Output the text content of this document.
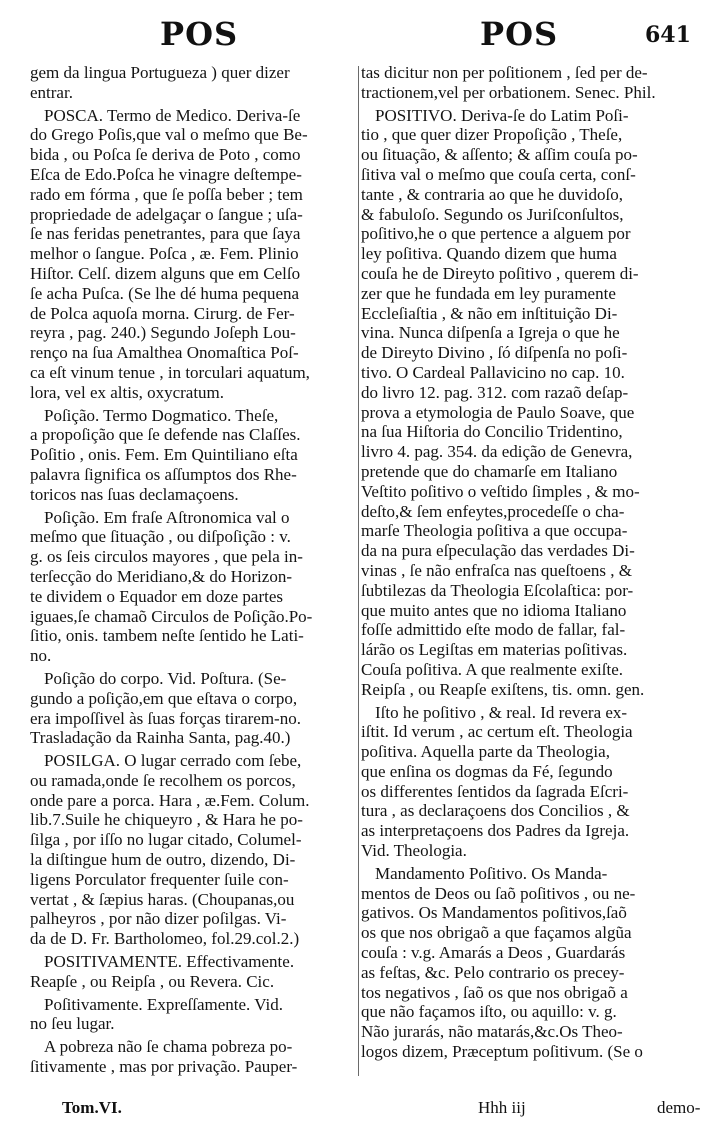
POS	POS	641
gem da lingua Portugueza ) quer dizer
entrar.
POSCA. Termo de Medico. Deriva-ſe
do Grego Poſis,que val o meſmo que Be-
bida , ou Poſca ſe deriva de Poto , como
Eſca de Edo.Poſca he vinagre deſtempe-
rado em fórma , que ſe poſſa beber ; tem
propriedade de adelgaçar o ſangue ; uſa-
ſe nas feridas penetrantes, para que ſaya
melhor o ſangue. Poſca , æ. Fem. Plinio
Hiſtor. Celſ. dizem alguns que em Celſo
ſe acha Puſca. (Se lhe dé huma pequena
de Polca aquoſa morna. Cirurg. de Fer-
reyra , pag. 240.) Segundo Joſeph Lou-
renço na ſua Amalthea Onomaſtica Poſ-
ca eſt vinum tenue , in torculari aquatum,
lora, vel ex altis, oxycratum.
Poſição. Termo Dogmatico. Theſe,
a propoſição que ſe defende nas Claſſes.
Poſitio , onis. Fem. Em Quintiliano eſta
palavra ſignifica os aſſumptos dos Rhe-
toricos nas ſuas declamaçoens.
Poſição. Em fraſe Aſtronomica val o
meſmo que ſituação , ou diſpoſição : v.
g. os ſeis circulos mayores , que pela in-
terſecção do Meridiano,& do Horizon-
te dividem o Equador em doze partes
iguaes,ſe chamaõ Circulos de Poſição.Po-
ſitio, onis. tambem neſte ſentido he Lati-
no.
Poſição do corpo. Vid. Poſtura. (Se-
gundo a poſição,em que eſtava o corpo,
era impoſſivel às ſuas forças tirarem-no.
Trasladação da Rainha Santa, pag.40.)
POSILGA. O lugar cerrado com ſebe,
ou ramada,onde ſe recolhem os porcos,
onde pare a porca. Hara , æ.Fem. Colum.
lib.7.Suile he chiqueyro , & Hara he po-
ſilga , por iſſo no lugar citado, Columel-
la diſtingue hum de outro, dizendo, Di-
ligens Porculator frequenter ſuile con-
vertat , & ſæpius haras. (Choupanas,ou
palheyros , por não dizer poſilgas. Vi-
da de D. Fr. Bartholomeo, fol.29.col.2.)
POSITIVAMENTE. Effectivamente.
Reapſe , ou Reipſa , ou Revera. Cic.
Poſitivamente. Expreſſamente. Vid.
no ſeu lugar.
A pobreza não ſe chama pobreza po-
ſitivamente , mas por privação. Pauper-
tas dicitur non per poſitionem , ſed per de-
tractionem,vel per orbationem. Senec. Phil.
POSITIVO. Deriva-ſe do Latim Poſi-
tio , que quer dizer Propoſição , Theſe,
ou ſituação, & aſſento; & aſſim couſa po-
ſitiva val o meſmo que couſa certa, conſ-
tante , & contraria ao que he duvidoſo,
& fabuloſo. Segundo os Juriſconſultos,
poſitivo,he o que pertence a alguem por
ley poſitiva. Quando dizem que huma
couſa he de Direyto poſitivo , querem di-
zer que he fundada em ley puramente
Eccleſiaſtia , & não em inſtituição Di-
vina. Nunca diſpenſa a Igreja o que he
de Direyto Divino , ſó diſpenſa no poſi-
tivo. O Cardeal Pallavicino no cap. 10.
do livro 12. pag. 312. com razaõ deſap-
prova a etymologia de Paulo Soave, que
na ſua Hiſtoria do Concilio Tridentino,
livro 4. pag. 354. da edição de Genevra,
pretende que do chamarſe em Italiano
Veſtito poſitivo o veſtido ſimples , & mo-
deſto,& ſem enfeytes,procedeſſe o cha-
marſe Theologia poſitiva a que occupa-
da na pura eſpeculação das verdades Di-
vinas , ſe não enfraſca nas queſtoens , &
ſubtilezas da Theologia Eſcolaſtica: por-
que muito antes que no idioma Italiano
foſſe admittido eſte modo de fallar, fal-
lárão os Legiſtas em materias poſitivas.
Couſa poſitiva. A que realmente exiſte.
Reipſa , ou Reapſe exiſtens, tis. omn. gen.
Iſto he poſitivo , & real. Id revera ex-
iſtit. Id verum , ac certum eſt. Theologia
poſitiva. Aquella parte da Theologia,
que enſina os dogmas da Fé, ſegundo
os differentes ſentidos da ſagrada Eſcri-
tura , as declaraçoens dos Concilios , &
as interpretaçoens dos Padres da Igreja.
Vid. Theologia.
Mandamento Poſitivo. Os Manda-
mentos de Deos ou ſaõ poſitivos , ou ne-
gativos. Os Mandamentos poſitivos,ſaõ
os que nos obrigaõ a que façamos algũa
couſa : v.g. Amarás a Deos , Guardarás
as feſtas, &c. Pelo contrario os precey-
tos negativos , ſaõ os que nos obrigaõ a
que não façamos iſto, ou aquillo: v. g.
Não jurarás, não matarás,&c.Os Theo-
logos dizem, Præceptum poſitivum. (Se o
Tom.VI.	Hhh iij	demo-
